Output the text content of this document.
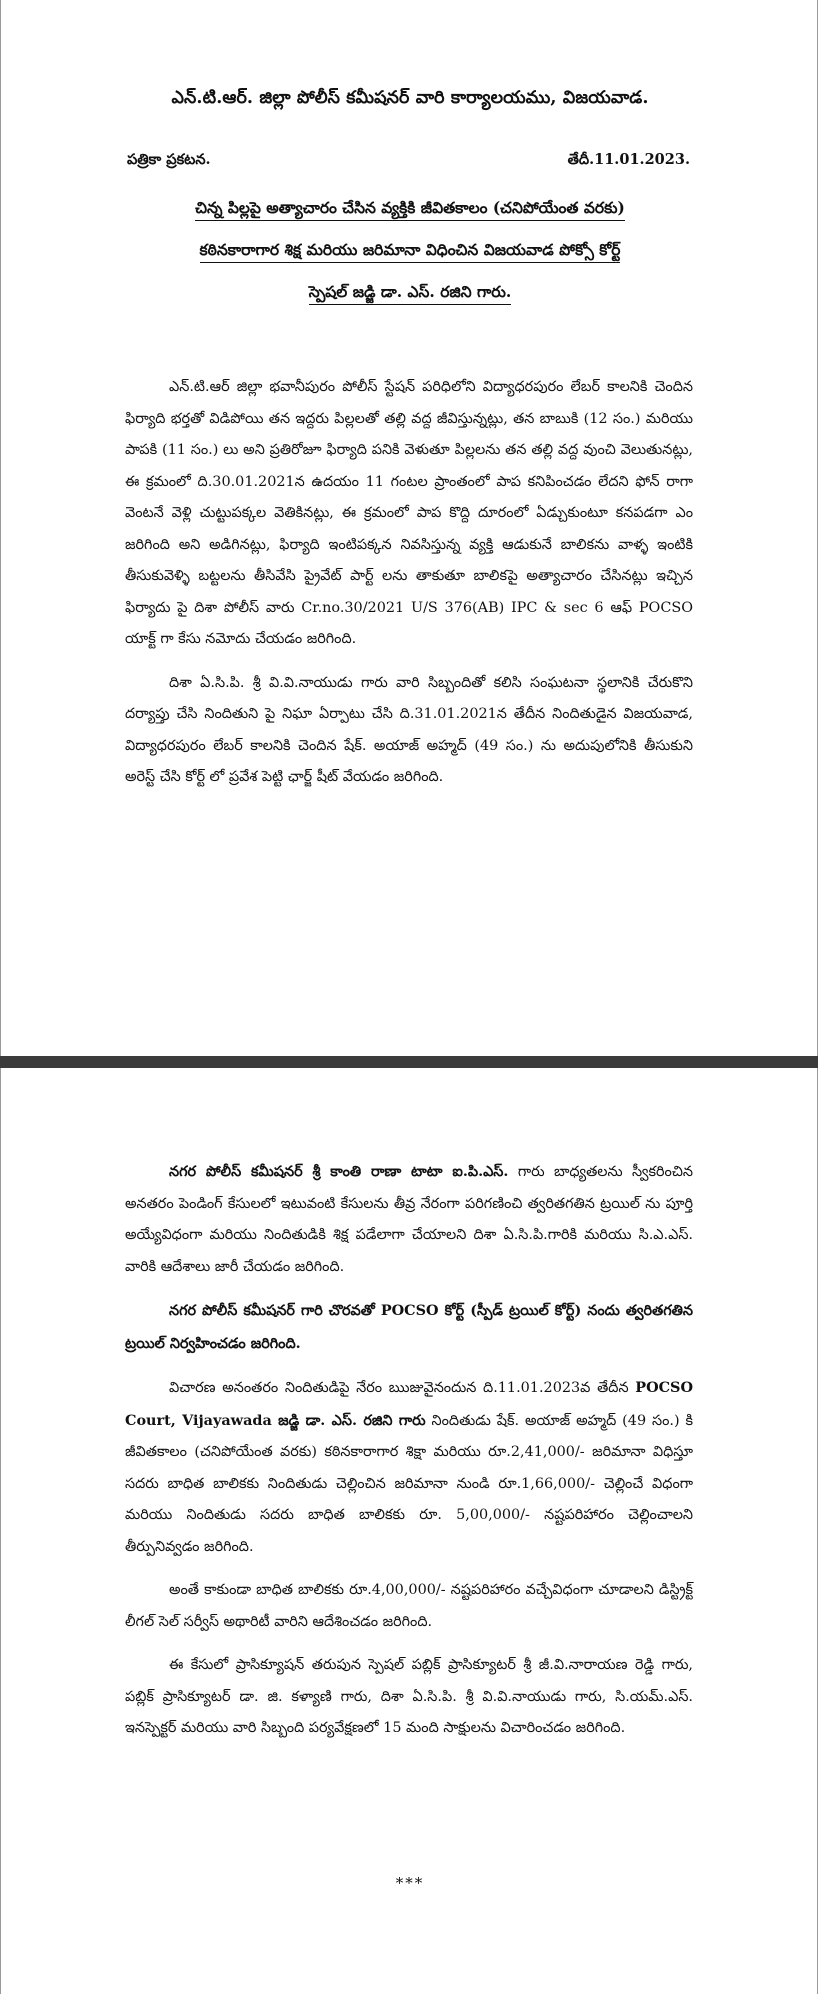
ఎన్.టి.ఆర్. జిల్లా పోలీస్ కమీషనర్ వారి కార్యాలయము, విజయవాడ.
పత్రికా ప్రకటన.	తేదీ.11.01.2023.
చిన్న పిల్లపై అత్యాచారం చేసిన వ్యక్తికి జీవితకాలం (చనిపోయేంత వరకు)
కఠినకారాగార శిక్ష మరియు జరిమానా విధించిన విజయవాడ పోక్సో కోర్ట్
స్పెషల్ జడ్జి డా. ఎస్. రజిని గారు.

ఎన్.టి.ఆర్ జిల్లా భవానీపురం పోలీస్ స్టేషన్ పరిధిలోని విద్యాధరపురం లేబర్ కాలనికి చెందిన ఫిర్యాది భర్తతో విడిపోయి తన ఇద్దరు పిల్లలతో తల్లి వద్ద జీవిస్తున్నట్లు, తన బాబుకి (12 సం.) మరియు పాపకి (11 సం.) లు అని ప్రతిరోజూ ఫిర్యాది పనికి వెళుతూ పిల్లలను తన తల్లి వద్ద వుంచి వెలుతునట్లు, ఈ క్రమంలో ది.30.01.2021న ఉదయం 11 గంటల ప్రాంతంలో పాప కనిపించడం లేదని ఫోన్ రాగా వెంటనే వెళ్లి చుట్టుపక్కల వెతికినట్లు, ఈ క్రమంలో పాప కొద్ది దూరంలో ఏడ్చుకుంటూ కనపడగా ఎం జరిగింది అని అడిగినట్లు, ఫిర్యాది ఇంటిపక్కన నివసిస్తున్న వ్యక్తి ఆడుకునే బాలికను వాళ్ళ ఇంటికి తీసుకువెళ్ళి బట్టలను తీసివేసి ప్రైవేట్ పార్ట్ లను తాకుతూ బాలికపై అత్యాచారం చేసినట్లు ఇచ్చిన ఫిర్యాదు పై దిశా పోలీస్ వారు Cr.no.30/2021 U/S 376(AB) IPC & sec 6 ఆఫ్ POCSO యాక్ట్ గా కేసు నమోదు చేయడం జరిగింది.

దిశా ఏ.సి.పి. శ్రీ వి.వి.నాయుడు గారు వారి సిబ్బందితో కలిసి సంఘటనా స్థలానికి చేరుకొని దర్యాప్తు చేసి నిందితుని పై నిఘా ఏర్పాటు చేసి ది.31.01.2021న తేదీన నిందితుడైన విజయవాడ, విద్యాధరపురం లేబర్ కాలనికి చెందిన షేక్. అయాజ్ అహ్మద్ (49 సం.) ను అదుపులోనికి తీసుకుని అరెస్ట్ చేసి కోర్ట్ లో ప్రవేశ పెట్టి ఛార్జ్ షీట్ వేయడం జరిగింది.

నగర పోలీస్ కమీషనర్ శ్రీ కాంతి రాణా టాటా ఐ.పి.ఎస్. గారు బాధ్యతలను స్వీకరించిన అనతరం పెండింగ్ కేసులలో ఇటువంటి కేసులను తీవ్ర నేరంగా పరిగణించి త్వరితగతిన ట్రయిల్ ను పూర్తి అయ్యేవిధంగా మరియు నిందితుడికి శిక్ష పడేలాగా చేయాలని దిశా ఏ.సి.పి.గారికి మరియు సి.ఎ.ఎస్. వారికి ఆదేశాలు జారీ చేయడం జరిగింది.

నగర పోలీస్ కమీషనర్ గారి చొరవతో POCSO కోర్ట్ (స్పీడ్ ట్రయిల్ కోర్ట్) నందు త్వరితగతిన ట్రయిల్ నిర్వహించడం జరిగింది.

విచారణ అనంతరం నిందితుడిపై నేరం ఋజువైనందున ది.11.01.2023వ తేదీన POCSO Court, Vijayawada జడ్జి డా. ఎస్. రజిని గారు నిందితుడు షేక్. అయాజ్ అహ్మద్ (49 సం.) కి జీవితకాలం (చనిపోయేంత వరకు) కఠినకారాగార శిక్షా మరియు రూ.2,41,000/- జరిమానా విధిస్తూ సదరు బాధిత బాలికకు నిందితుడు చెల్లించిన జరిమానా నుండి రూ.1,66,000/- చెల్లించే విధంగా మరియు నిందితుడు సదరు బాధిత బాలికకు రూ. 5,00,000/- నష్టపరిహారం చెల్లించాలని తీర్పునివ్వడం జరిగింది.

అంతే కాకుండా బాధిత బాలికకు రూ.4,00,000/- నష్టపరిహారం వచ్చేవిధంగా చూడాలని డిస్ట్రిక్ట్ లీగల్ సెల్ సర్వీస్ అథారిటీ వారిని ఆదేశించడం జరిగింది.

ఈ కేసులో ప్రాసిక్యూషన్ తరుపున స్పెషల్ పబ్లిక్ ప్రాసిక్యూటర్ శ్రీ జీ.వి.నారాయణ రెడ్డి గారు, పబ్లిక్ ప్రాసిక్యూటర్ డా. జి. కళ్యాణి గారు, దిశా ఏ.సి.పి. శ్రీ వి.వి.నాయుడు గారు, సి.యమ్.ఎస్. ఇనస్పెక్టర్ మరియు వారి సిబ్బంది పర్యవేక్షణలో 15 మంది సాక్షులను విచారించడం జరిగింది.

***
